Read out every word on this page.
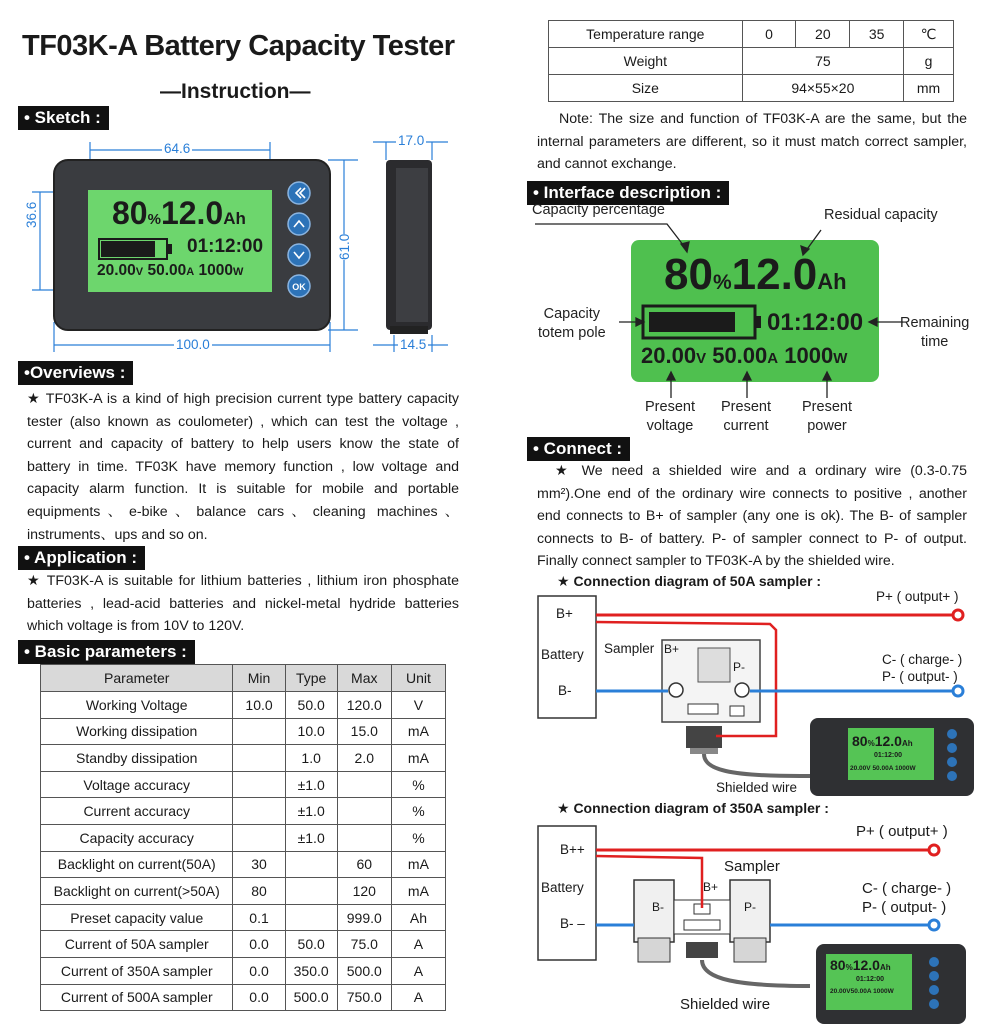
TF03K-A Battery Capacity Tester
—Instruction—
• Sketch :
OK
64.6
36.6
100.0
61.0
17.0
14.5
80%12.0Ah
01:12:00
20.00V 50.00A 1000W
•Overviews :
★ TF03K-A is a kind of high precision current type battery capacity tester (also known as coulometer) , which can test the voltage , current and capacity of battery to help users know the state of battery in time. TF03K have memory function , low voltage and capacity alarm function. It is suitable for mobile and portable equipments、e-bike、balance cars、cleaning machines、instruments、ups and so on.
• Application :
★ TF03K-A is suitable for lithium batteries , lithium iron phosphate batteries , lead-acid batteries and nickel-metal hydride batteries which voltage is from 10V to 120V.
• Basic parameters :
Parameter	Min	Type	Max	Unit
Working Voltage	10.0	50.0	120.0	V
Working dissipation		10.0	15.0	mA
Standby dissipation		1.0	2.0	mA
Voltage accuracy		±1.0		%
Current accuracy		±1.0		%
Capacity accuracy		±1.0		%
Backlight on current(50A)	30		60	mA
Backlight on current(>50A)	80		120	mA
Preset capacity value	0.1		999.0	Ah
Current of 50A sampler	0.0	50.0	75.0	A
Current of 350A sampler	0.0	350.0	500.0	A
Current of 500A sampler	0.0	500.0	750.0	A
Temperature range	0	20	35	℃
Weight	75			g
Size	94×55×20			mm
Note: The size and function of TF03K-A are the same, but the internal parameters are different, so it must match correct sampler, and cannot exchange.
• Interface description :
Capacity percentage	Residual capacity
Capacity
totem pole
Remaining
time
Present
voltage
Present
current
Present
power
80%12.0Ah
01:12:00
20.00V 50.00A 1000W
• Connect :
★ We need a shielded wire and a ordinary wire (0.3-0.75 mm²).One end of the ordinary wire connects to positive , another end connects to B+ of sampler (any one is ok). The B- of sampler connects to B- of battery. P- of sampler connect to P- of output. Finally connect sampler to TF03K-A by the shielded wire.
★ Connection diagram of 50A sampler :
B+
Battery
B-
Sampler B+
P-
P+ ( output+ )
C- ( charge- )
P- ( output- )
Shielded wire
80%12.0Ah
01:12:00
20.00V 50.00A 1000W
★ Connection diagram of 350A sampler :
B++
Battery
B- –
Sampler
B+
B-	P-
P+ ( output+ )
C- ( charge- )
P- ( output- )
Shielded wire
80%12.0Ah
01:12:00
20.00V50.00A 1000W
